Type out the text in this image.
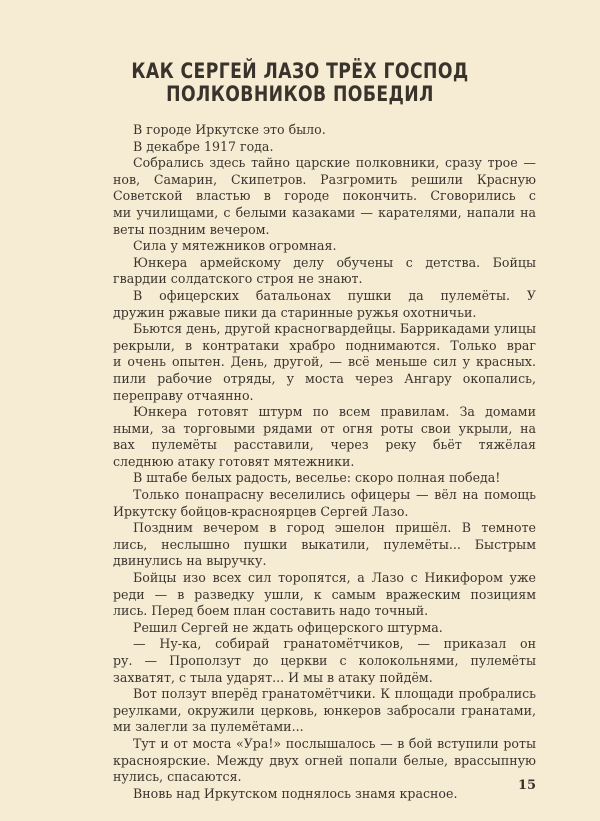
КАК СЕРГЕЙ ЛАЗО ТРЁХ ГОСПОД
ПОЛКОВНИКОВ ПОБЕДИЛ
В городе Иркутске это было.
В декабре 1917 года.
Собрались здесь тайно царские полковники, сразу трое —
нов, Самарин, Скипетров. Разгромить решили Красную
Советской властью в городе покончить. Сговорились с
ми училищами, с белыми казаками — карателями, напали на
веты поздним вечером.
Сила у мятежников огромная.
Юнкера армейскому делу обучены с детства. Бойцы
гвардии солдатского строя не знают.
В офицерских батальонах пушки да пулемёты. У
дружин ржавые пики да старинные ружья охотничьи.
Бьются день, другой красногвардейцы. Баррикадами улицы
рекрыли, в контратаки храбро поднимаются. Только враг
и очень опытен. День, другой, — всё меньше сил у красных.
пили рабочие отряды, у моста через Ангару окопались,
переправу отчаянно.
Юнкера готовят штурм по всем правилам. За домами
ными, за торговыми рядами от огня роты свои укрыли, на
вах пулемёты расставили, через реку бьёт тяжёлая
следнюю атаку готовят мятежники.
В штабе белых радость, веселье: скоро полная победа!
Только понапрасну веселились офицеры — вёл на помощь
Иркутску бойцов-красноярцев Сергей Лазо.
Поздним вечером в город эшелон пришёл. В темноте
лись, неслышно пушки выкатили, пулемёты... Быстрым
двинулись на выручку.
Бойцы изо всех сил торопятся, а Лазо с Никифором уже
реди — в разведку ушли, к самым вражеским позициям
лись. Перед боем план составить надо точный.
Решил Сергей не ждать офицерского штурма.
— Ну-ка, собирай гранатомётчиков, — приказал он
ру. — Проползут до церкви с колокольнями, пулемёты
захватят, с тыла ударят... И мы в атаку пойдём.
Вот ползут вперёд гранатомётчики. К площади пробрались
реулками, окружили церковь, юнкеров забросали гранатами,
ми залегли за пулемётами...
Тут и от моста «Ура!» послышалось — в бой вступили роты
красноярские. Между двух огней попали белые, врассыпную
нулись, спасаются.
Вновь над Иркутском поднялось знамя красное.
15
